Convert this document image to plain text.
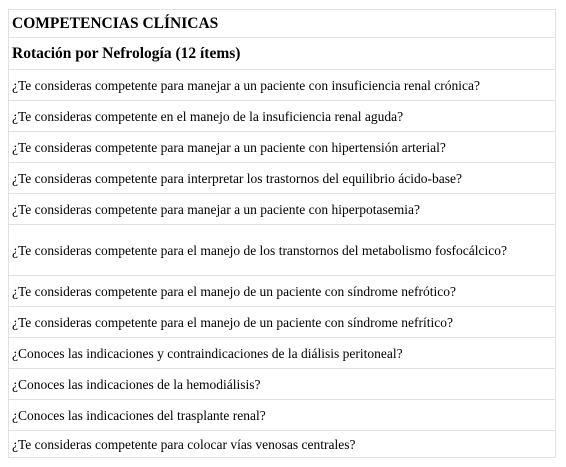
COMPETENCIAS CLÍNICAS
Rotación por Nefrología (12 ítems)
¿Te consideras competente para manejar a un paciente con insuficiencia renal crónica?
¿Te consideras competente en el manejo de la insuficiencia renal aguda?
¿Te consideras competente para manejar a un paciente con hipertensión arterial?
¿Te consideras competente para interpretar los trastornos del equilibrio ácido-base?
¿Te consideras competente para manejar a un paciente con hiperpotasemia?
¿Te consideras competente para el manejo de los transtornos del metabolismo fosfocálcico?
¿Te consideras competente para el manejo de un paciente con síndrome nefrótico?
¿Te consideras competente para el manejo de un paciente con síndrome nefrítico?
¿Conoces las indicaciones y contraindicaciones de la diálisis peritoneal?
¿Conoces las indicaciones de la hemodiálisis?
¿Conoces las indicaciones del trasplante renal?
¿Te consideras competente para colocar vías venosas centrales?
